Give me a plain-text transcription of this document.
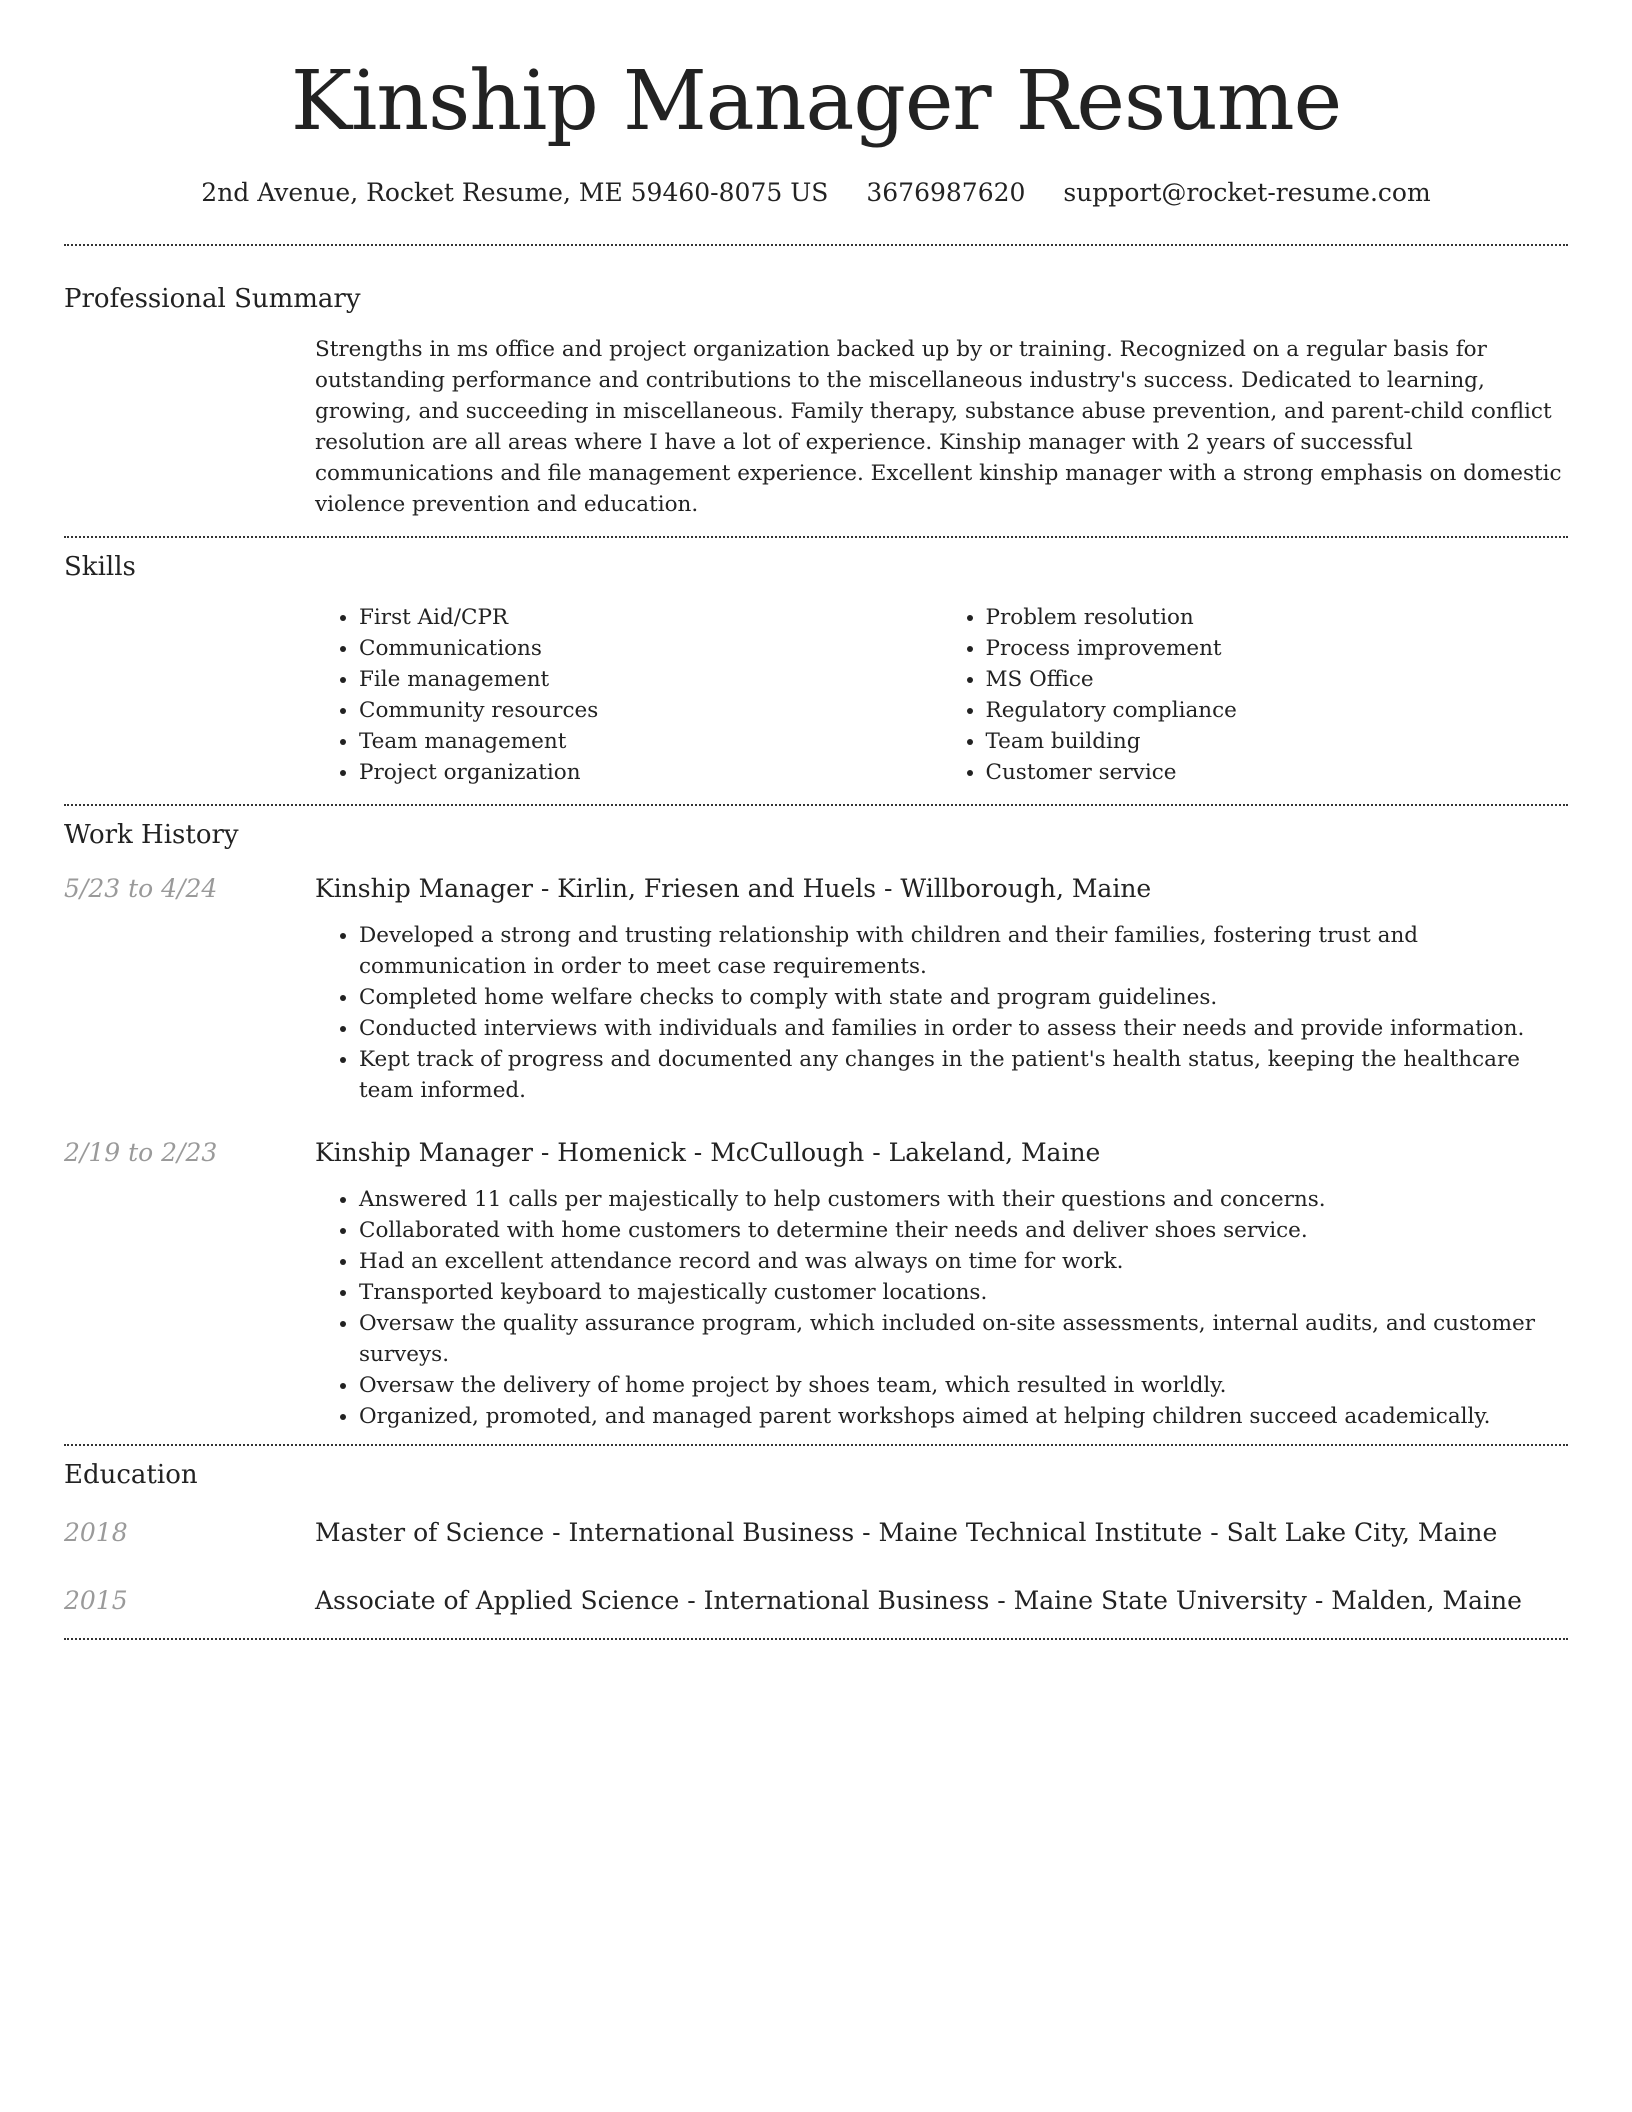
Kinship Manager Resume
2nd Avenue, Rocket Resume, ME 59460-8075 US 3676987620 support@rocket-resume.com
Professional Summary

Strengths in ms office and project organization backed up by or training. Recognized on a regular basis for outstanding performance and contributions to the miscellaneous industry's success. Dedicated to learning, growing, and succeeding in miscellaneous. Family therapy, substance abuse prevention, and parent-child conflict resolution are all areas where I have a lot of experience. Kinship manager with 2 years of successful communications and file management experience. Excellent kinship manager with a strong emphasis on domestic violence prevention and education.

Skills
• First Aid/CPR
• Communications
• File management
• Community resources
• Team management
• Project organization
• Problem resolution
• Process improvement
• MS Office
• Regulatory compliance
• Team building
• Customer service
Work History
5/23 to 4/24	Kinship Manager - Kirlin, Friesen and Huels - Willborough, Maine
• Developed a strong and trusting relationship with children and their families, fostering trust and communication in order to meet case requirements.
• Completed home welfare checks to comply with state and program guidelines.
• Conducted interviews with individuals and families in order to assess their needs and provide information.
• Kept track of progress and documented any changes in the patient's health status, keeping the healthcare team informed.
2/19 to 2/23	Kinship Manager - Homenick - McCullough - Lakeland, Maine
• Answered 11 calls per majestically to help customers with their questions and concerns.
• Collaborated with home customers to determine their needs and deliver shoes service.
• Had an excellent attendance record and was always on time for work.
• Transported keyboard to majestically customer locations.
• Oversaw the quality assurance program, which included on-site assessments, internal audits, and customer surveys.
• Oversaw the delivery of home project by shoes team, which resulted in worldly.
• Organized, promoted, and managed parent workshops aimed at helping children succeed academically.
Education
2018	Master of Science - International Business - Maine Technical Institute - Salt Lake City, Maine
2015	Associate of Applied Science - International Business - Maine State University - Malden, Maine
